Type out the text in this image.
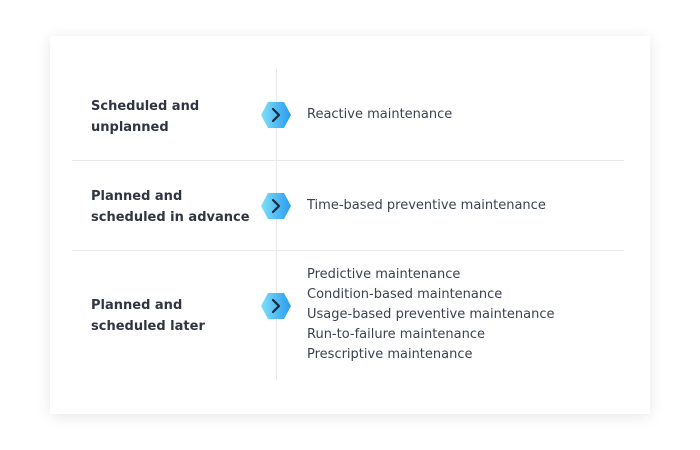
Scheduled and
unplanned
Reactive maintenance
Planned and
scheduled in advance
Time-based preventive maintenance
Planned and
scheduled later
Predictive maintenance
Condition-based maintenance
Usage-based preventive maintenance
Run-to-failure maintenance
Prescriptive maintenance
